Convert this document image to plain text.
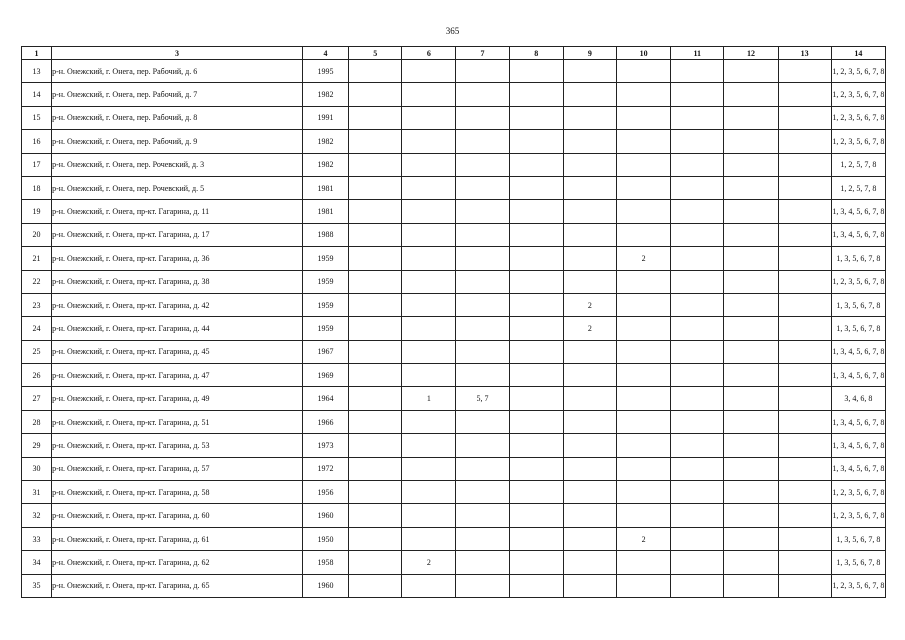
365
1	3	4	5	6	7	8	9	10	11	12	13	14
13	р-н. Онежский, г. Онега, пер. Рабочий, д. 6	1995										1, 2, 3, 5, 6, 7, 8
14	р-н. Онежский, г. Онега, пер. Рабочий, д. 7	1982										1, 2, 3, 5, 6, 7, 8
15	р-н. Онежский, г. Онега, пер. Рабочий, д. 8	1991										1, 2, 3, 5, 6, 7, 8
16	р-н. Онежский, г. Онега, пер. Рабочий, д. 9	1982										1, 2, 3, 5, 6, 7, 8
17	р-н. Онежский, г. Онега, пер. Рочевский, д. 3	1982										1, 2, 5, 7, 8
18	р-н. Онежский, г. Онега, пер. Рочевский, д. 5	1981										1, 2, 5, 7, 8
19	р-н. Онежский, г. Онега, пр-кт. Гагарина, д. 11	1981										1, 3, 4, 5, 6, 7, 8
20	р-н. Онежский, г. Онега, пр-кт. Гагарина, д. 17	1988										1, 3, 4, 5, 6, 7, 8
21	р-н. Онежский, г. Онега, пр-кт. Гагарина, д. 36	1959						2				1, 3, 5, 6, 7, 8
22	р-н. Онежский, г. Онега, пр-кт. Гагарина, д. 38	1959										1, 2, 3, 5, 6, 7, 8
23	р-н. Онежский, г. Онега, пр-кт. Гагарина, д. 42	1959					2					1, 3, 5, 6, 7, 8
24	р-н. Онежский, г. Онега, пр-кт. Гагарина, д. 44	1959					2					1, 3, 5, 6, 7, 8
25	р-н. Онежский, г. Онега, пр-кт. Гагарина, д. 45	1967										1, 3, 4, 5, 6, 7, 8
26	р-н. Онежский, г. Онега, пр-кт. Гагарина, д. 47	1969										1, 3, 4, 5, 6, 7, 8
27	р-н. Онежский, г. Онега, пр-кт. Гагарина, д. 49	1964		1	5, 7							3, 4, 6, 8
28	р-н. Онежский, г. Онега, пр-кт. Гагарина, д. 51	1966										1, 3, 4, 5, 6, 7, 8
29	р-н. Онежский, г. Онега, пр-кт. Гагарина, д. 53	1973										1, 3, 4, 5, 6, 7, 8
30	р-н. Онежский, г. Онега, пр-кт. Гагарина, д. 57	1972										1, 3, 4, 5, 6, 7, 8
31	р-н. Онежский, г. Онега, пр-кт. Гагарина, д. 58	1956										1, 2, 3, 5, 6, 7, 8
32	р-н. Онежский, г. Онега, пр-кт. Гагарина, д. 60	1960										1, 2, 3, 5, 6, 7, 8
33	р-н. Онежский, г. Онега, пр-кт. Гагарина, д. 61	1950						2				1, 3, 5, 6, 7, 8
34	р-н. Онежский, г. Онега, пр-кт. Гагарина, д. 62	1958		2								1, 3, 5, 6, 7, 8
35	р-н. Онежский, г. Онега, пр-кт. Гагарина, д. 65	1960										1, 2, 3, 5, 6, 7, 8
